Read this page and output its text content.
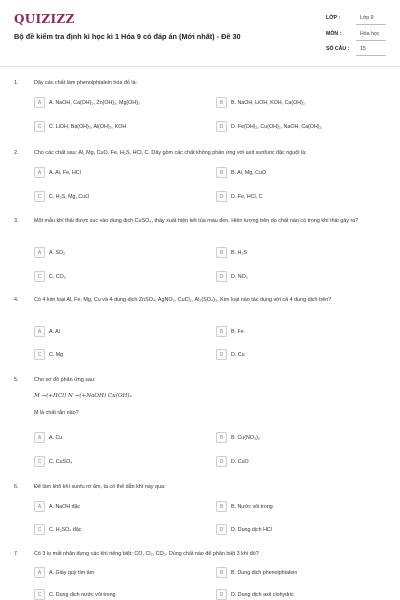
QUIZIZZ
Bộ đề kiểm tra định kì học kì 1 Hóa 9 có đáp án (Mới nhất) - Đề 30
LỚP :	Lớp 9
MÔN :	Hóa học
SỐ CÂU : 15
1.	Dãy các chất làm phenolphtalein hóa đỏ là:
A	A. NaOH, Ca(OH)₂, Zn(OH)₂, Mg(OH)₂	B	B. NaOH, LiOH, KOH, Ca(OH)₂
C	C. LiOH, Ba(OH)₂, Al(OH)₃, KOH	D	D. Fe(OH)₂, Cu(OH)₂, NaOH, Ca(OH)₂
2.	Cho các chất sau: Al, Mg, CuO, Fe, H₂S, HCl, C. Dãy gồm các chất không phản ứng với axit sunfuric đặc nguội là:
A	A. Al, Fe, HCl	B	B. Al, Mg, CuO
C	C. H₂S, Mg, CuO	D	D. Fe, HCl, C
3.	Một mẫu khí thải được sục vào dung dịch CuSO₄, thấy xuất hiện kết tủa màu đen. Hiện tượng trên do chất nào có trong khí thải gây ra?
A	A. SO₂	B	B. H₂S
C	C. CO₂	D	D. NO₂
4.	Có 4 kim loại Al, Fe, Mg, Cu và 4 dung dịch ZnSO₄, AgNO₃, CuCl₂, Al₂(SO₄)₃. Kim loại nào tác dụng với cả 4 dung dịch trên?
A	A. Al	B	B. Fe
C	C. Mg	D	D. Cu
5.	Cho sơ đồ phản ứng sau:
M →(+HCl) N →(+NaOH) Cu(OH)₂
M là chất rắn nào?
A	A. Cu	B	B. Cu(NO₃)₂
C	C. CuSO₄	D	D. CuO
6.	Để làm khô khí sunfu rơ ẩm, ta có thể dẫn khí này qua:
A	A. NaOH đặc	B	B. Nước vôi trong
C	C. H₂SO₄ đặc	D	D. Dung dịch HCl
7.	Có 3 lọ mất nhãn đựng các khí riêng biệt: CO, Cl₂, CO₂. Dùng chất nào để phân biệt 3 khí đó?
A	A. Giấy quỳ tím ẩm	B	B. Dung dịch phenolphtalein
C	C. Dung dịch nước vôi trong	D	D. Dung dịch axit clohydric
